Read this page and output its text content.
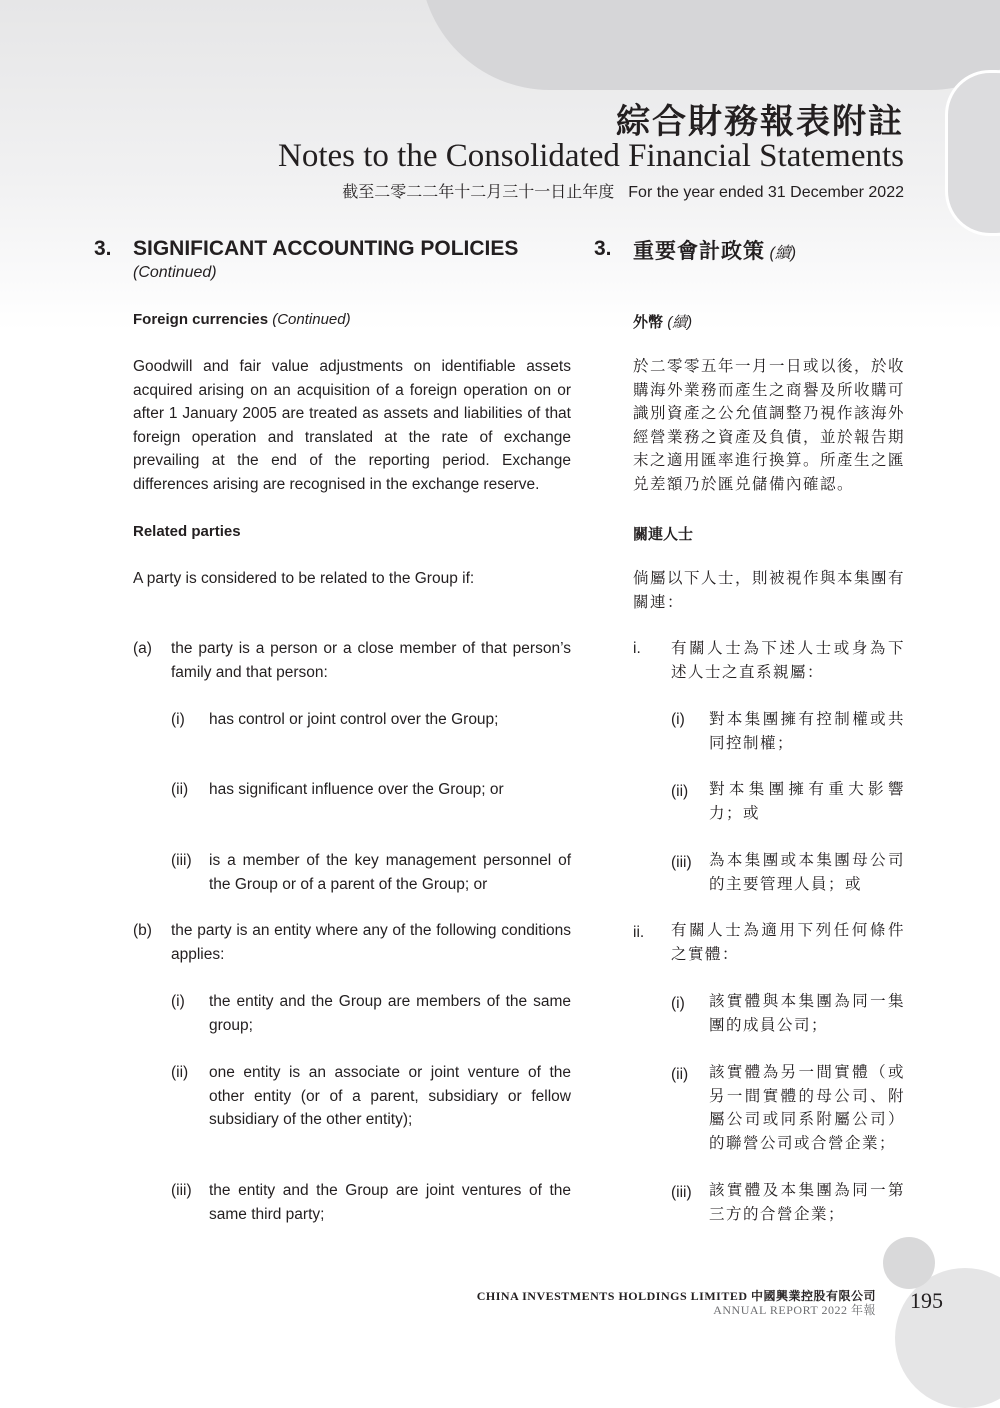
綜合財務報表附註
Notes to the Consolidated Financial Statements
截至二零二二年十二月三十一日止年度 For the year ended 31 December 2022
3. SIGNIFICANT ACCOUNTING POLICIES
(Continued)
3. 重要會計政策 (續)
Foreign currencies (Continued)	外幣 (續)
Goodwill and fair value adjustments on identifiable assets acquired arising on an acquisition of a foreign operation on or after 1 January 2005 are treated as assets and liabilities of that foreign operation and translated at the rate of exchange prevailing at the end of the reporting period. Exchange differences arising are recognised in the exchange reserve.
於二零零五年一月一日或以後，於收購海外業務而產生之商譽及所收購可識別資產之公允值調整乃視作該海外經營業務之資產及負債，並於報告期末之適用匯率進行換算。所產生之匯兑差額乃於匯兑儲備內確認。
Related parties	關連人士
A party is considered to be related to the Group if:	倘屬以下人士，則被視作與本集團有關連：
(a) the party is a person or a close member of that person’s family and that person:
i. 有關人士為下述人士或身為下述人士之直系親屬：
(i) has control or joint control over the Group;	(i) 對本集團擁有控制權或共同控制權；
(ii) has significant influence over the Group; or	(ii) 對本集團擁有重大影響力；或
(iii) is a member of the key management personnel of the Group or of a parent of the Group; or
(iii) 為本集團或本集團母公司的主要管理人員；或
(b) the party is an entity where any of the following conditions applies:
ii. 有關人士為適用下列任何條件之實體：
(i) the entity and the Group are members of the same group;
(i) 該實體與本集團為同一集團的成員公司；
(ii) one entity is an associate or joint venture of the other entity (or of a parent, subsidiary or fellow subsidiary of the other entity);
(ii) 該實體為另一間實體（或另一間實體的母公司、附屬公司或同系附屬公司）的聯營公司或合營企業；
(iii) the entity and the Group are joint ventures of the same third party;
(iii) 該實體及本集團為同一第三方的合營企業；
CHINA INVESTMENTS HOLDINGS LIMITED 中國興業控股有限公司
ANNUAL REPORT 2022 年報 195
